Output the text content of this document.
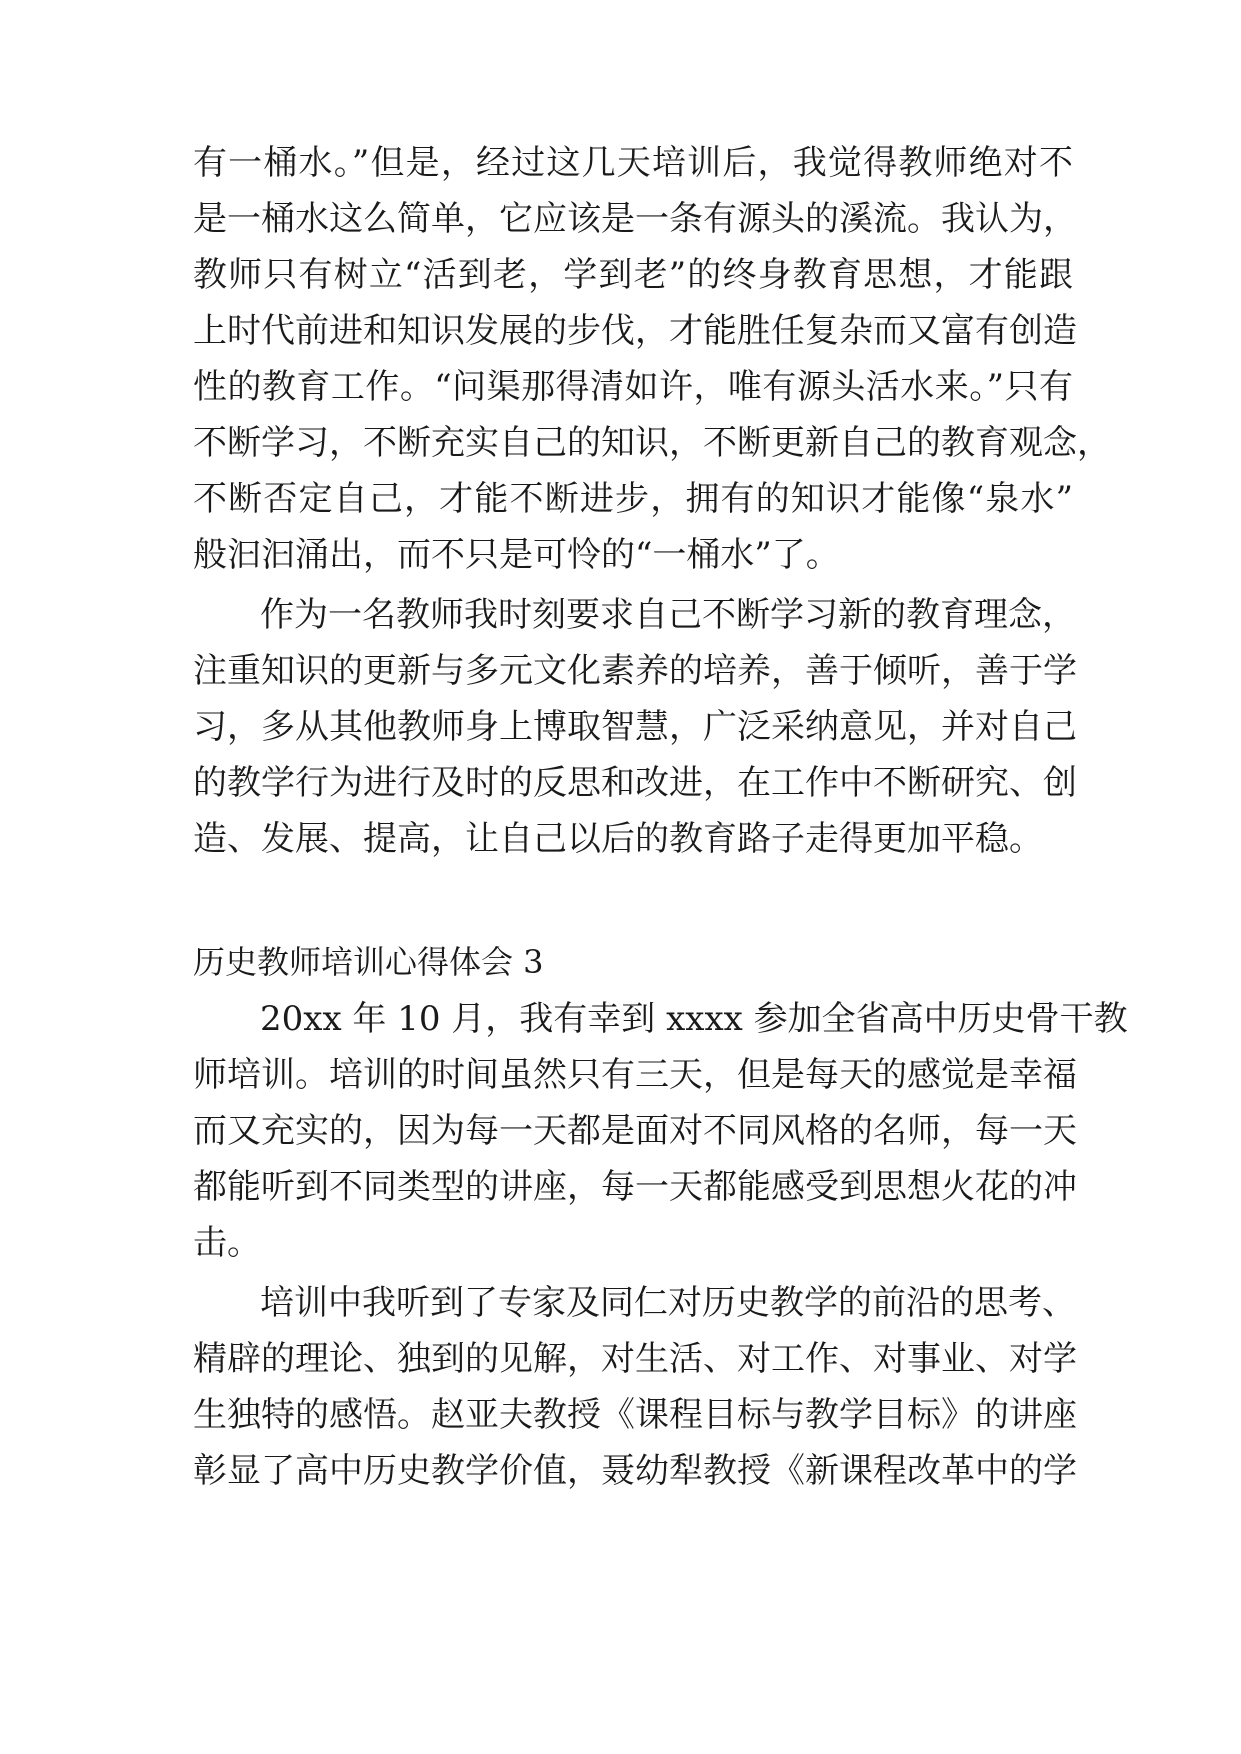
有一桶水。”但是，经过这几天培训后，我觉得教师绝对不
是一桶水这么简单，它应该是一条有源头的溪流。我认为，
教师只有树立“活到老，学到老”的终身教育思想，才能跟
上时代前进和知识发展的步伐，才能胜任复杂而又富有创造
性的教育工作。“问渠那得清如许，唯有源头活水来。”只有
不断学习，不断充实自己的知识，不断更新自己的教育观念，
不断否定自己，才能不断进步，拥有的知识才能像“泉水”
般汩汩涌出，而不只是可怜的“一桶水”了。
作为一名教师我时刻要求自己不断学习新的教育理念，
注重知识的更新与多元文化素养的培养，善于倾听，善于学
习，多从其他教师身上博取智慧，广泛采纳意见，并对自己
的教学行为进行及时的反思和改进，在工作中不断研究、创
造、发展、提高，让自己以后的教育路子走得更加平稳。
历史教师培训心得体会 3
20xx 年 10 月，我有幸到 xxxx 参加全省高中历史骨干教
师培训。培训的时间虽然只有三天，但是每天的感觉是幸福
而又充实的，因为每一天都是面对不同风格的名师，每一天
都能听到不同类型的讲座，每一天都能感受到思想火花的冲
击。
培训中我听到了专家及同仁对历史教学的前沿的思考、
精辟的理论、独到的见解，对生活、对工作、对事业、对学
生独特的感悟。赵亚夫教授《课程目标与教学目标》的讲座
彰显了高中历史教学价值，聂幼犁教授《新课程改革中的学
